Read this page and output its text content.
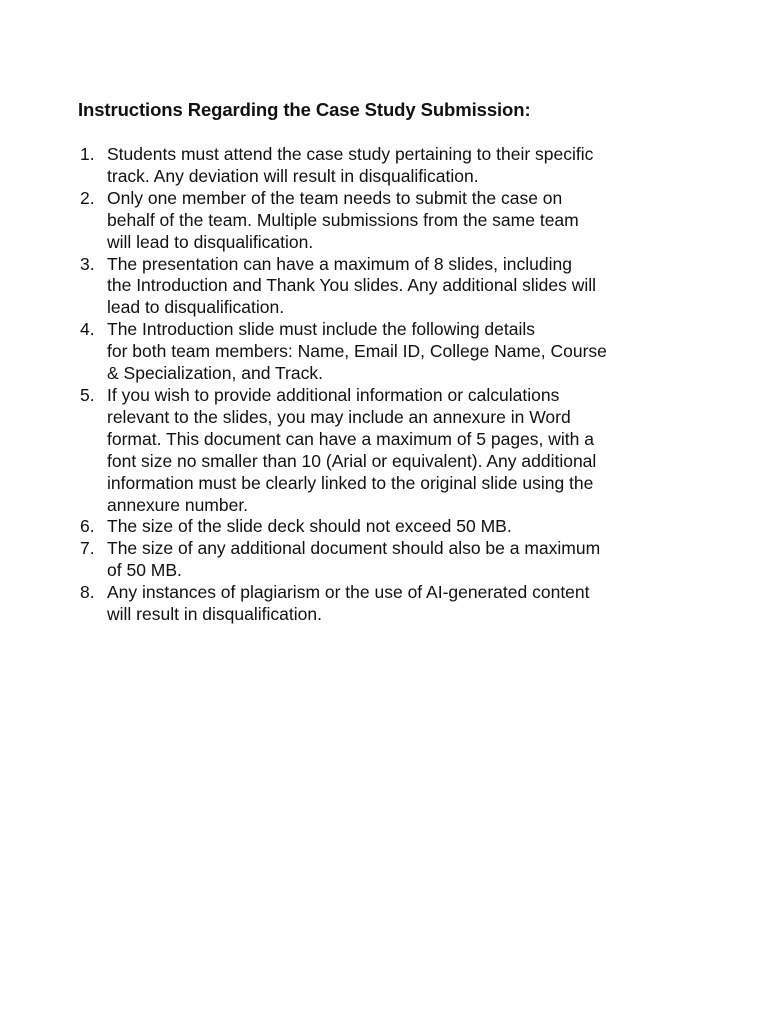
Instructions Regarding the Case Study Submission:
1. Students must attend the case study pertaining to their specific
track. Any deviation will result in disqualification.
2. Only one member of the team needs to submit the case on
behalf of the team. Multiple submissions from the same team
will lead to disqualification.
3. The presentation can have a maximum of 8 slides, including
the Introduction and Thank You slides. Any additional slides will
lead to disqualification.
4. The Introduction slide must include the following details
for both team members: Name, Email ID, College Name, Course
& Specialization, and Track.
5. If you wish to provide additional information or calculations
relevant to the slides, you may include an annexure in Word
format. This document can have a maximum of 5 pages, with a
font size no smaller than 10 (Arial or equivalent). Any additional
information must be clearly linked to the original slide using the
annexure number.
6. The size of the slide deck should not exceed 50 MB.
7. The size of any additional document should also be a maximum
of 50 MB.
8. Any instances of plagiarism or the use of AI-generated content
will result in disqualification.
